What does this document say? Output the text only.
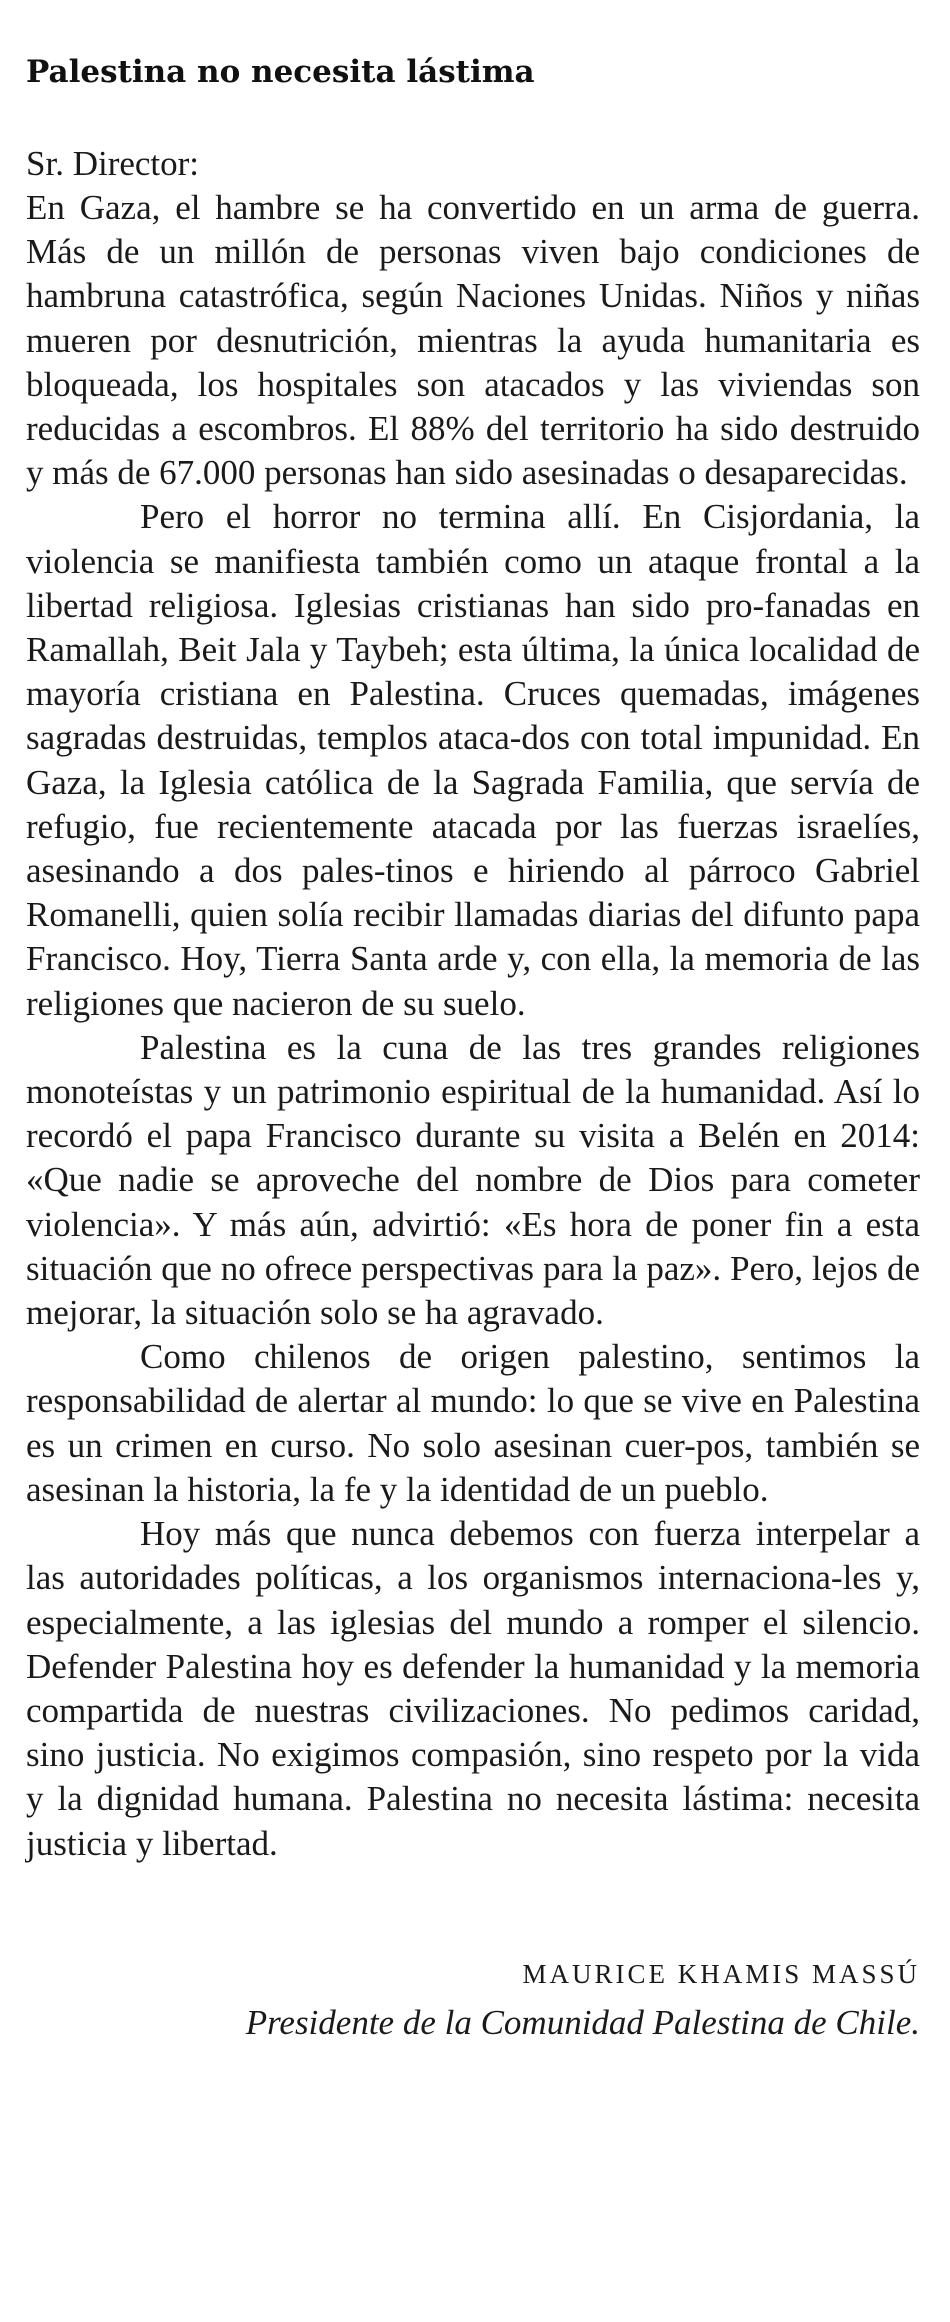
Palestina no necesita lástima

Sr. Director:

En Gaza, el hambre se ha convertido en un arma de guerra. Más de un millón de personas viven bajo condiciones de hambruna catastrófica, según Naciones Unidas. Niños y niñas mueren por desnutrición, mientras la ayuda humanitaria es bloqueada, los hospitales son atacados y las viviendas son reducidas a escombros. El 88% del territorio ha sido destruido y más de 67.000 personas han sido asesinadas o desaparecidas.

Pero el horror no termina allí. En Cisjordania, la violencia se manifiesta también como un ataque frontal a la libertad religiosa. Iglesias cristianas han sido pro-fanadas en Ramallah, Beit Jala y Taybeh; esta última, la única localidad de mayoría cristiana en Palestina. Cruces quemadas, imágenes sagradas destruidas, templos ataca-dos con total impunidad. En Gaza, la Iglesia católica de la Sagrada Familia, que servía de refugio, fue recientemente atacada por las fuerzas israelíes, asesinando a dos pales-tinos e hiriendo al párroco Gabriel Romanelli, quien solía recibir llamadas diarias del difunto papa Francisco. Hoy, Tierra Santa arde y, con ella, la memoria de las religiones que nacieron de su suelo.

Palestina es la cuna de las tres grandes religiones monoteístas y un patrimonio espiritual de la humanidad. Así lo recordó el papa Francisco durante su visita a Belén en 2014: «Que nadie se aproveche del nombre de Dios para cometer violencia». Y más aún, advirtió: «Es hora de poner fin a esta situación que no ofrece perspectivas para la paz». Pero, lejos de mejorar, la situación solo se ha agravado.

Como chilenos de origen palestino, sentimos la responsabilidad de alertar al mundo: lo que se vive en Palestina es un crimen en curso. No solo asesinan cuer-pos, también se asesinan la historia, la fe y la identidad de un pueblo.

Hoy más que nunca debemos con fuerza interpelar a las autoridades políticas, a los organismos internaciona-les y, especialmente, a las iglesias del mundo a romper el silencio. Defender Palestina hoy es defender la humanidad y la memoria compartida de nuestras civilizaciones. No pedimos caridad, sino justicia. No exigimos compasión, sino respeto por la vida y la dignidad humana. Palestina no necesita lástima: necesita justicia y libertad.

MAURICE KHAMIS MASSÚ
Presidente de la Comunidad Palestina de Chile.
